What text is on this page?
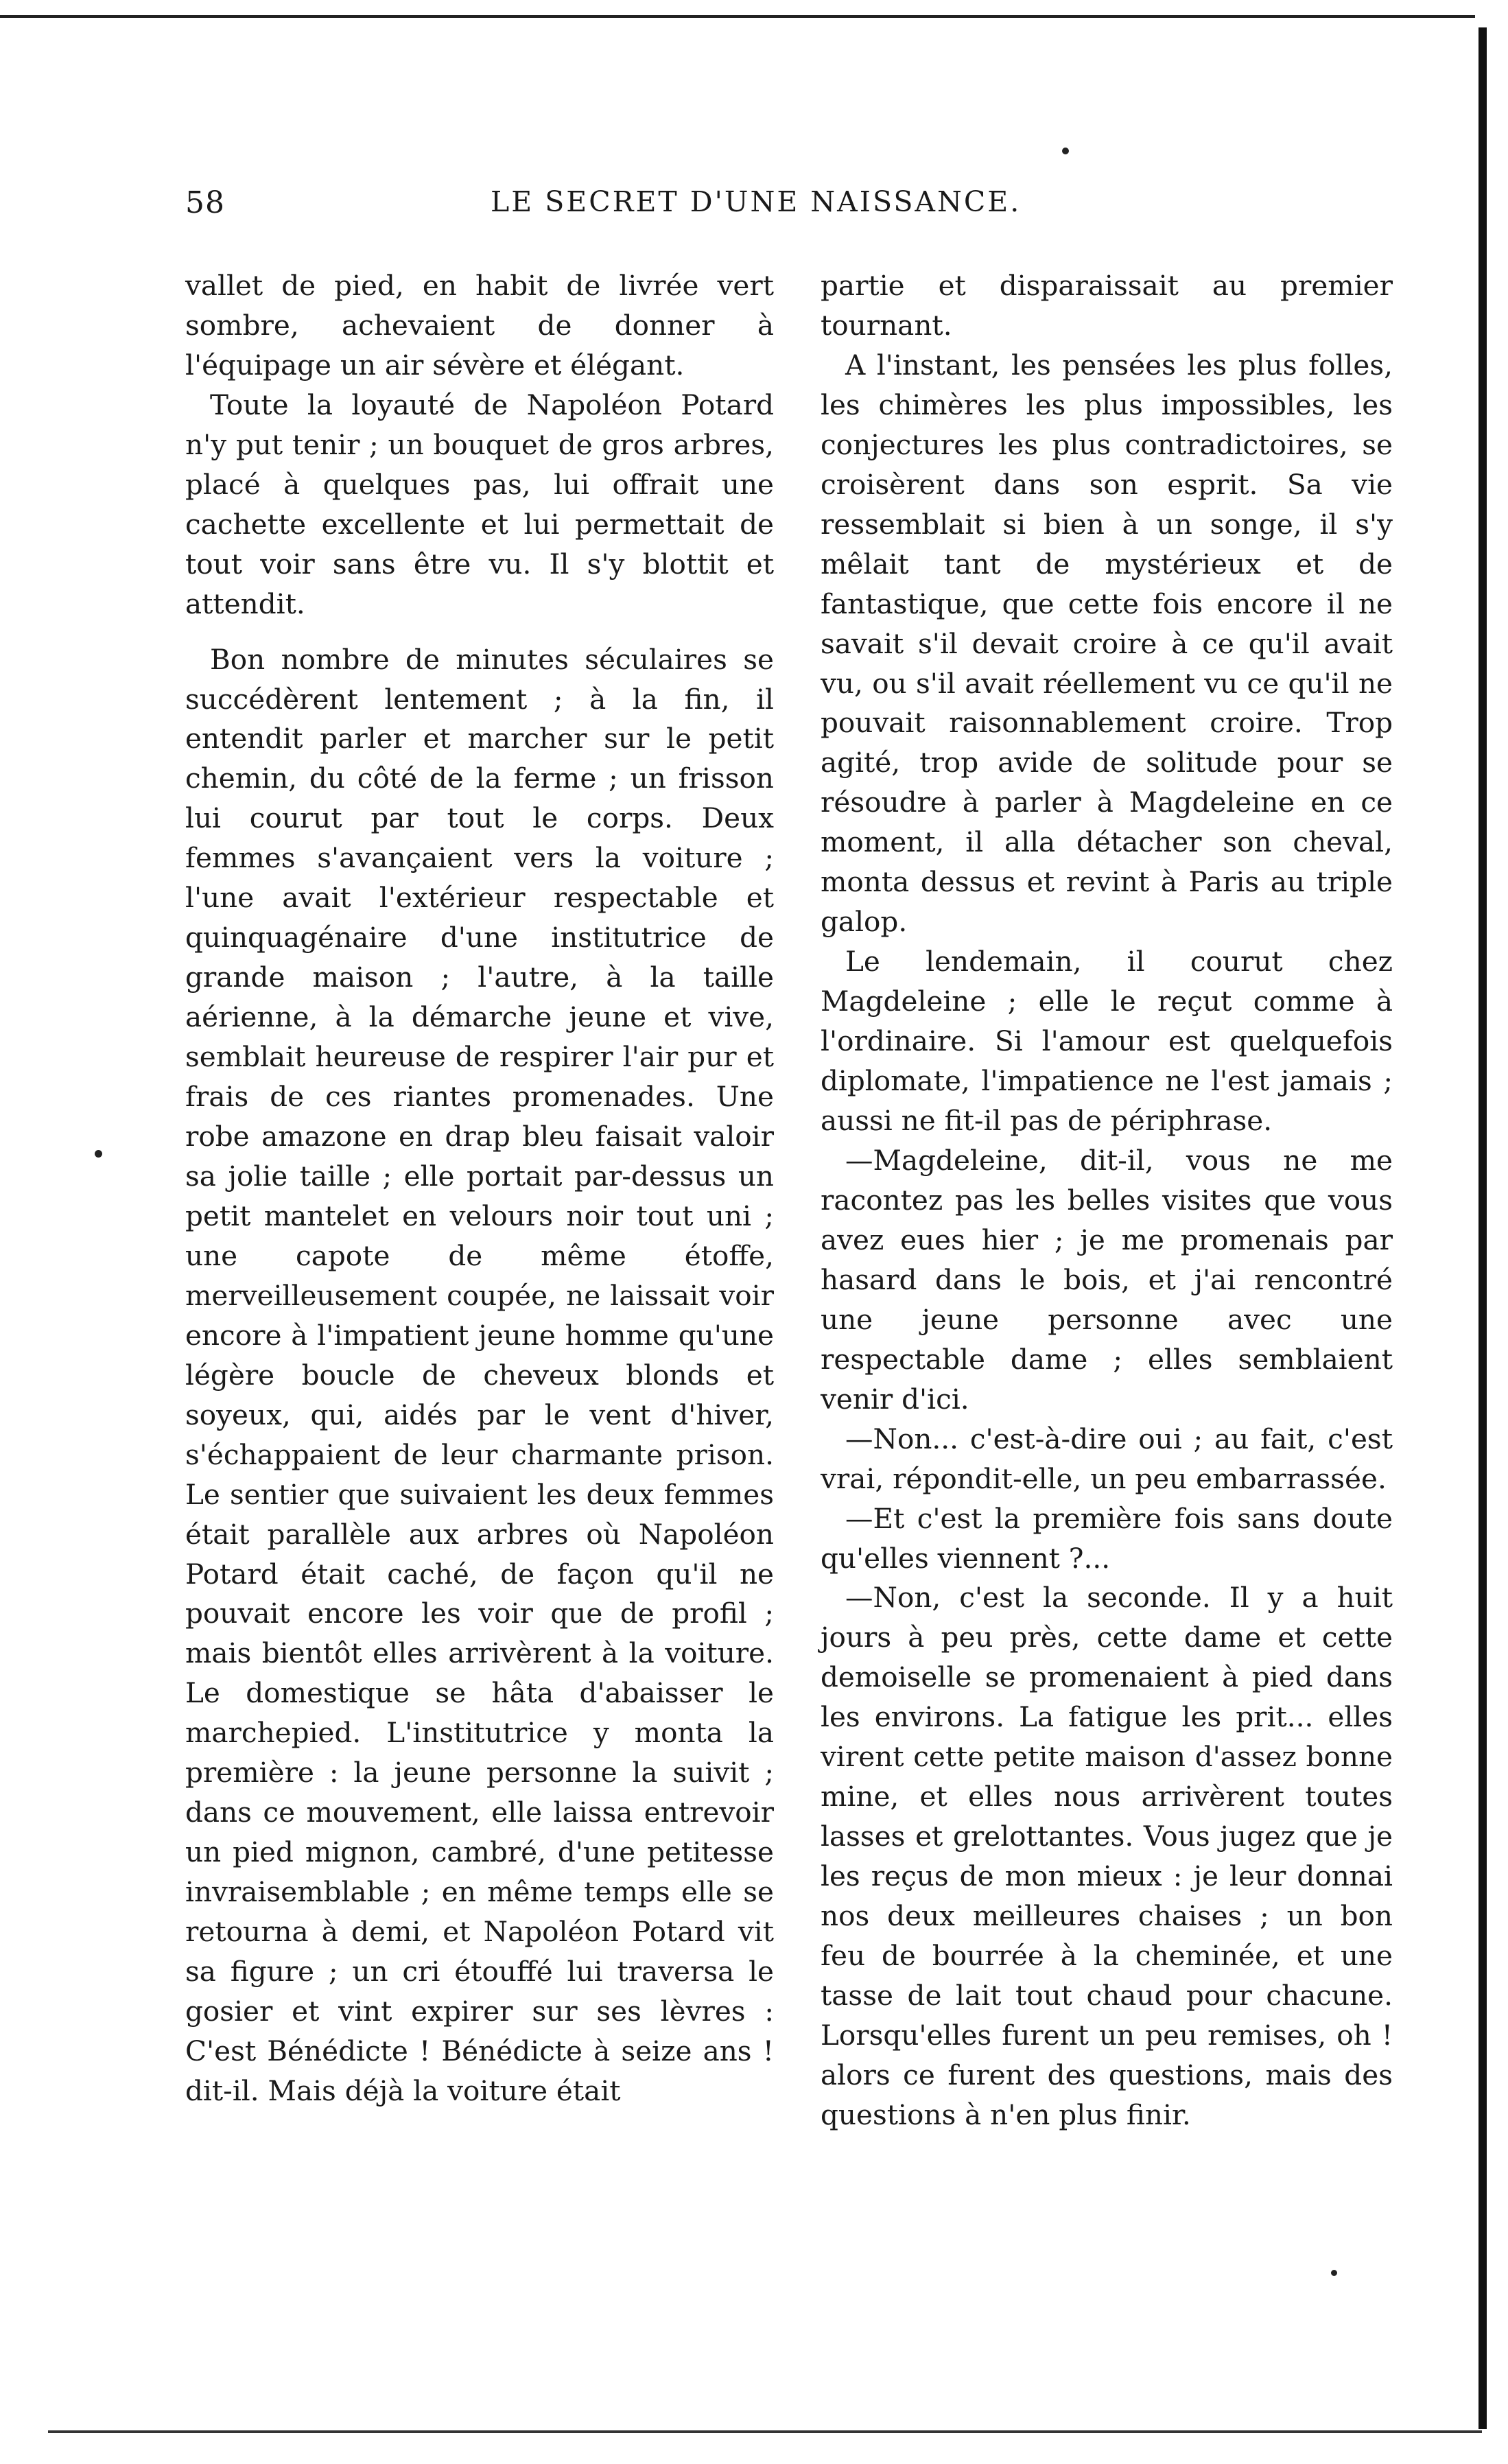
58	LE SECRET D'UNE NAISSANCE.

vallet de pied, en habit de livrée vert sombre, achevaient de donner à l'équipage un air sévère et élégant.

Toute la loyauté de Napoléon Potard n'y put tenir ; un bouquet de gros arbres, placé à quelques pas, lui offrait une cachette excellente et lui permettait de tout voir sans être vu. Il s'y blottit et attendit.

Bon nombre de minutes séculaires se succédèrent lentement ; à la fin, il entendit parler et marcher sur le petit chemin, du côté de la ferme ; un frisson lui courut par tout le corps. Deux femmes s'avançaient vers la voiture ; l'une avait l'extérieur respectable et quinquagénaire d'une institutrice de grande maison ; l'autre, à la taille aérienne, à la démarche jeune et vive, semblait heureuse de respirer l'air pur et frais de ces riantes promenades. Une robe amazone en drap bleu faisait valoir sa jolie taille ; elle portait par-dessus un petit mantelet en velours noir tout uni ; une capote de même étoffe, merveilleusement coupée, ne laissait voir encore à l'impatient jeune homme qu'une légère boucle de cheveux blonds et soyeux, qui, aidés par le vent d'hiver, s'échappaient de leur charmante prison. Le sentier que suivaient les deux femmes était parallèle aux arbres où Napoléon Potard était caché, de façon qu'il ne pouvait encore les voir que de profil ; mais bientôt elles arrivèrent à la voiture. Le domestique se hâta d'abaisser le marchepied. L'institutrice y monta la première : la jeune personne la suivit ; dans ce mouvement, elle laissa entrevoir un pied mignon, cambré, d'une petitesse invraisemblable ; en même temps elle se retourna à demi, et Napoléon Potard vit sa figure ; un cri étouffé lui traversa le gosier et vint expirer sur ses lèvres : C'est Bénédicte ! Bénédicte à seize ans ! dit-il. Mais déjà la voiture était

partie et disparaissait au premier tournant.

A l'instant, les pensées les plus folles, les chimères les plus impossibles, les conjectures les plus contradictoires, se croisèrent dans son esprit. Sa vie ressemblait si bien à un songe, il s'y mêlait tant de mystérieux et de fantastique, que cette fois encore il ne savait s'il devait croire à ce qu'il avait vu, ou s'il avait réellement vu ce qu'il ne pouvait raisonnablement croire. Trop agité, trop avide de solitude pour se résoudre à parler à Magdeleine en ce moment, il alla détacher son cheval, monta dessus et revint à Paris au triple galop.

Le lendemain, il courut chez Magdeleine ; elle le reçut comme à l'ordinaire. Si l'amour est quelquefois diplomate, l'impatience ne l'est jamais ; aussi ne fit-il pas de périphrase.

—Magdeleine, dit-il, vous ne me racontez pas les belles visites que vous avez eues hier ; je me promenais par hasard dans le bois, et j'ai rencontré une jeune personne avec une respectable dame ; elles semblaient venir d'ici.

—Non... c'est-à-dire oui ; au fait, c'est vrai, répondit-elle, un peu embarrassée.

—Et c'est la première fois sans doute qu'elles viennent ?...

—Non, c'est la seconde. Il y a huit jours à peu près, cette dame et cette demoiselle se promenaient à pied dans les environs. La fatigue les prit... elles virent cette petite maison d'assez bonne mine, et elles nous arrivèrent toutes lasses et grelottantes. Vous jugez que je les reçus de mon mieux : je leur donnai nos deux meilleures chaises ; un bon feu de bourrée à la cheminée, et une tasse de lait tout chaud pour chacune. Lorsqu'elles furent un peu remises, oh ! alors ce furent des questions, mais des questions à n'en plus finir.
